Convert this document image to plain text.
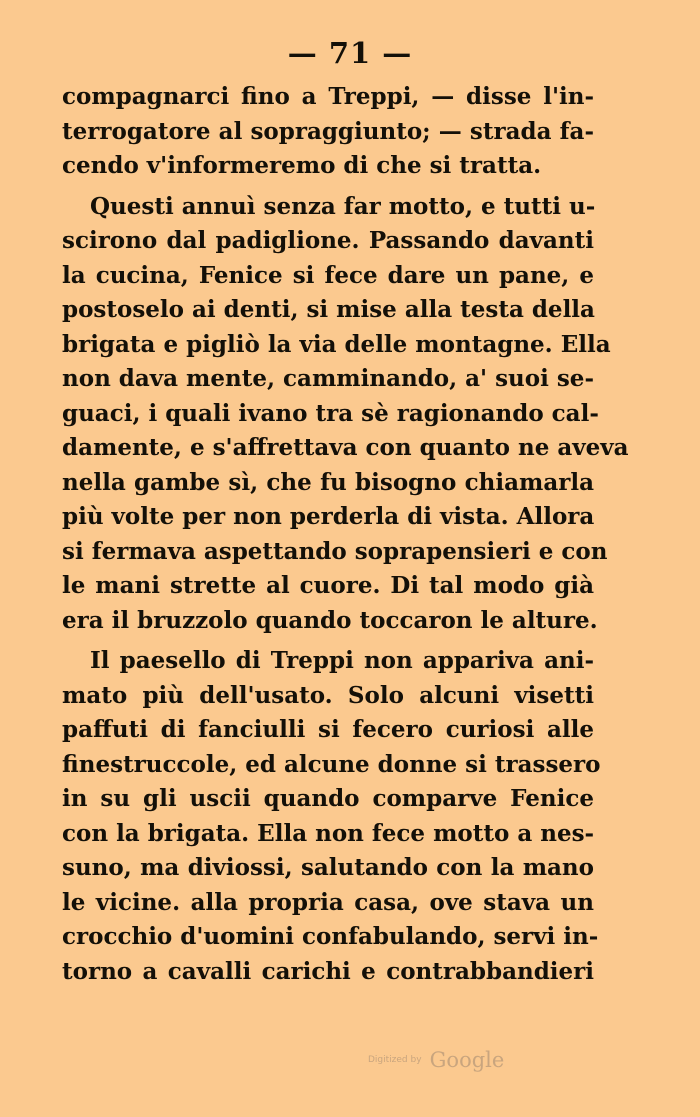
— 71 —
compagnarci fino a Treppi, — disse l'in-
terrogatore al sopraggiunto; — strada fa-
cendo v'informeremo di che si tratta.
Questi annuì senza far motto, e tutti u-
scirono dal padiglione. Passando davanti
la cucina, Fenice si fece dare un pane, e
postoselo ai denti, si mise alla testa della
brigata e pigliò la via delle montagne. Ella
non dava mente, camminando, a' suoi se-
guaci, i quali ivano tra sè ragionando cal-
damente, e s'affrettava con quanto ne aveva
nella gambe sì, che fu bisogno chiamarla
più volte per non perderla di vista. Allora
si fermava aspettando soprapensieri e con
le mani strette al cuore. Di tal modo già
era il bruzzolo quando toccaron le alture.
Il paesello di Treppi non appariva ani-
mato più dell'usato. Solo alcuni visetti
paffuti di fanciulli si fecero curiosi alle
finestruccole, ed alcune donne si trassero
in su gli uscii quando comparve Fenice
con la brigata. Ella non fece motto a nes-
suno, ma diviossi, salutando con la mano
le vicine. alla propria casa, ove stava un
crocchio d'uomini confabulando, servi in-
torno a cavalli carichi e contrabbandieri
Digitized by Google
